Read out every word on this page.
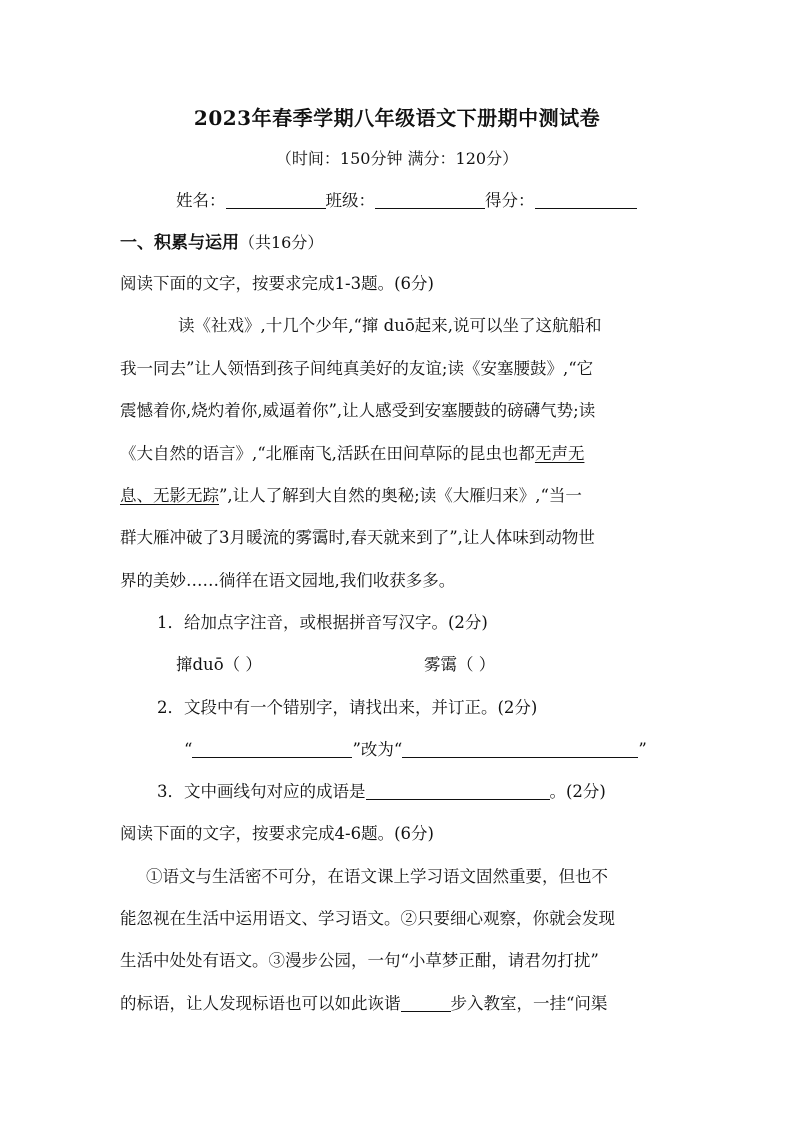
2023年春季学期八年级语文下册期中测试卷
（时间：150分钟 满分：120分）
姓名：	班级：	得分：
一、积累与运用（共16分）
阅读下面的文字，按要求完成1-3题。(6分)
读《社戏》,十几个少年,“撺 duō起来,说可以坐了这航船和
我一同去”让人领悟到孩子间纯真美好的友谊;读《安塞腰鼓》,“它
震憾着你,烧灼着你,威逼着你”,让人感受到安塞腰鼓的磅礴气势;读
《大自然的语言》,“北雁南飞,活跃在田间草际的昆虫也都无声无
息、无影无踪”,让人了解到大自然的奥秘;读《大雁归来》,“当一
群大雁冲破了3月暖流的雾霭时,春天就来到了”,让人体味到动物世
界的美妙……徜徉在语文园地,我们收获多多。
1．给加点字注音，或根据拼音写汉字。(2分)
撺duō（ ）	雾霭（ ）
2．文段中有一个错别字，请找出来，并订正。(2分)
“	”改为“	”
3．文中画线句对应的成语是	。(2分)
阅读下面的文字，按要求完成4-6题。(6分)
①语文与生活密不可分，在语文课上学习语文固然重要，但也不
能忽视在生活中运用语文、学习语文。②只要细心观察，你就会发现
生活中处处有语文。③漫步公园，一句“小草梦正酣，请君勿打扰”
的标语，让人发现标语也可以如此诙谐	步入教室，一挂“问渠
